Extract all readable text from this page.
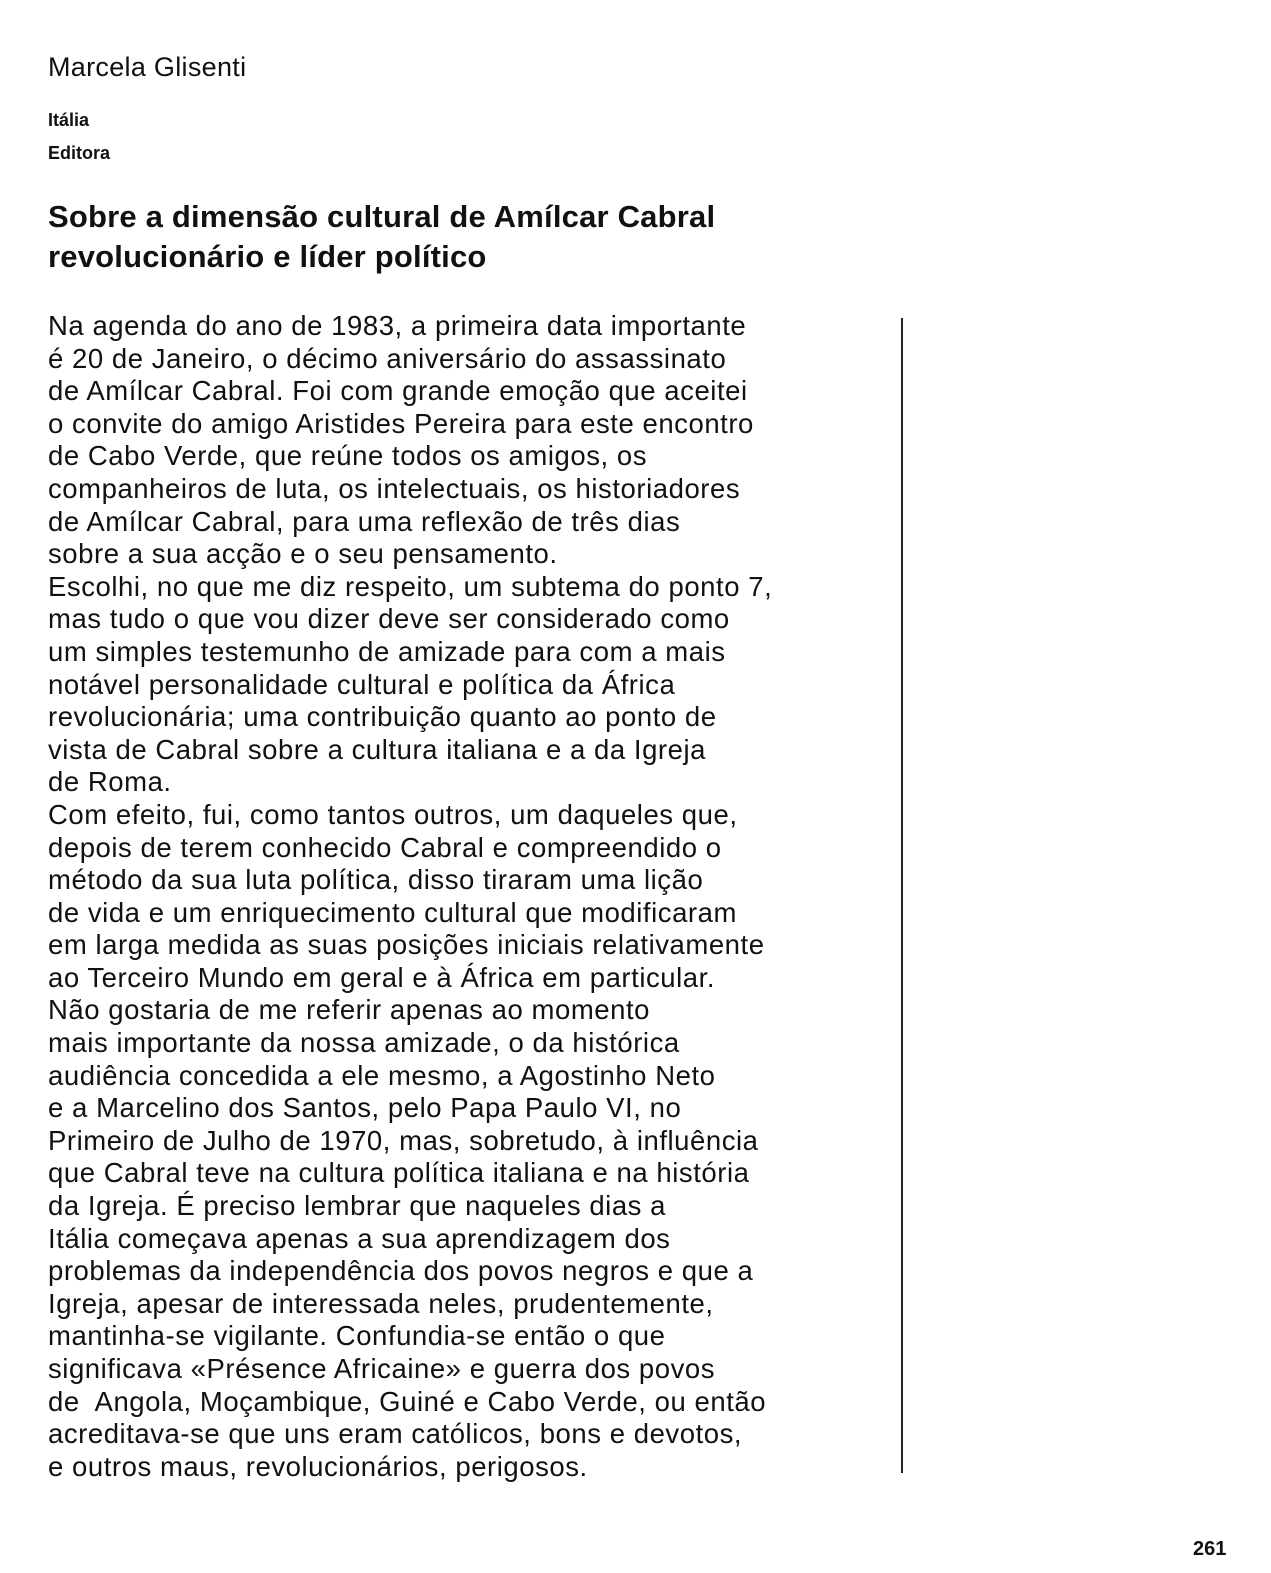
Marcela Glisenti
Itália
Editora
Sobre a dimensão cultural de Amílcar Cabral
revolucionário e líder político
Na agenda do ano de 1983, a primeira data importante
é 20 de Janeiro, o décimo aniversário do assassinato
de Amílcar Cabral. Foi com grande emoção que aceitei
o convite do amigo Aristides Pereira para este encontro
de Cabo Verde, que reúne todos os amigos, os
companheiros de luta, os intelectuais, os historiadores
de Amílcar Cabral, para uma reflexão de três dias
sobre a sua acção e o seu pensamento.
Escolhi, no que me diz respeito, um subtema do ponto 7,
mas tudo o que vou dizer deve ser considerado como
um simples testemunho de amizade para com a mais
notável personalidade cultural e política da África
revolucionária; uma contribuição quanto ao ponto de
vista de Cabral sobre a cultura italiana e a da Igreja
de Roma.
Com efeito, fui, como tantos outros, um daqueles que,
depois de terem conhecido Cabral e compreendido o
método da sua luta política, disso tiraram uma lição
de vida e um enriquecimento cultural que modificaram
em larga medida as suas posições iniciais relativamente
ao Terceiro Mundo em geral e à África em particular.
Não gostaria de me referir apenas ao momento
mais importante da nossa amizade, o da histórica
audiência concedida a ele mesmo, a Agostinho Neto
e a Marcelino dos Santos, pelo Papa Paulo VI, no
Primeiro de Julho de 1970, mas, sobretudo, à influência
que Cabral teve na cultura política italiana e na história
da Igreja. É preciso lembrar que naqueles dias a
Itália começava apenas a sua aprendizagem dos
problemas da independência dos povos negros e que a
Igreja, apesar de interessada neles, prudentemente,
mantinha-se vigilante. Confundia-se então o que
significava «Présence Africaine» e guerra dos povos
de  Angola, Moçambique, Guiné e Cabo Verde, ou então
acreditava-se que uns eram católicos, bons e devotos,
e outros maus, revolucionários, perigosos.
261
